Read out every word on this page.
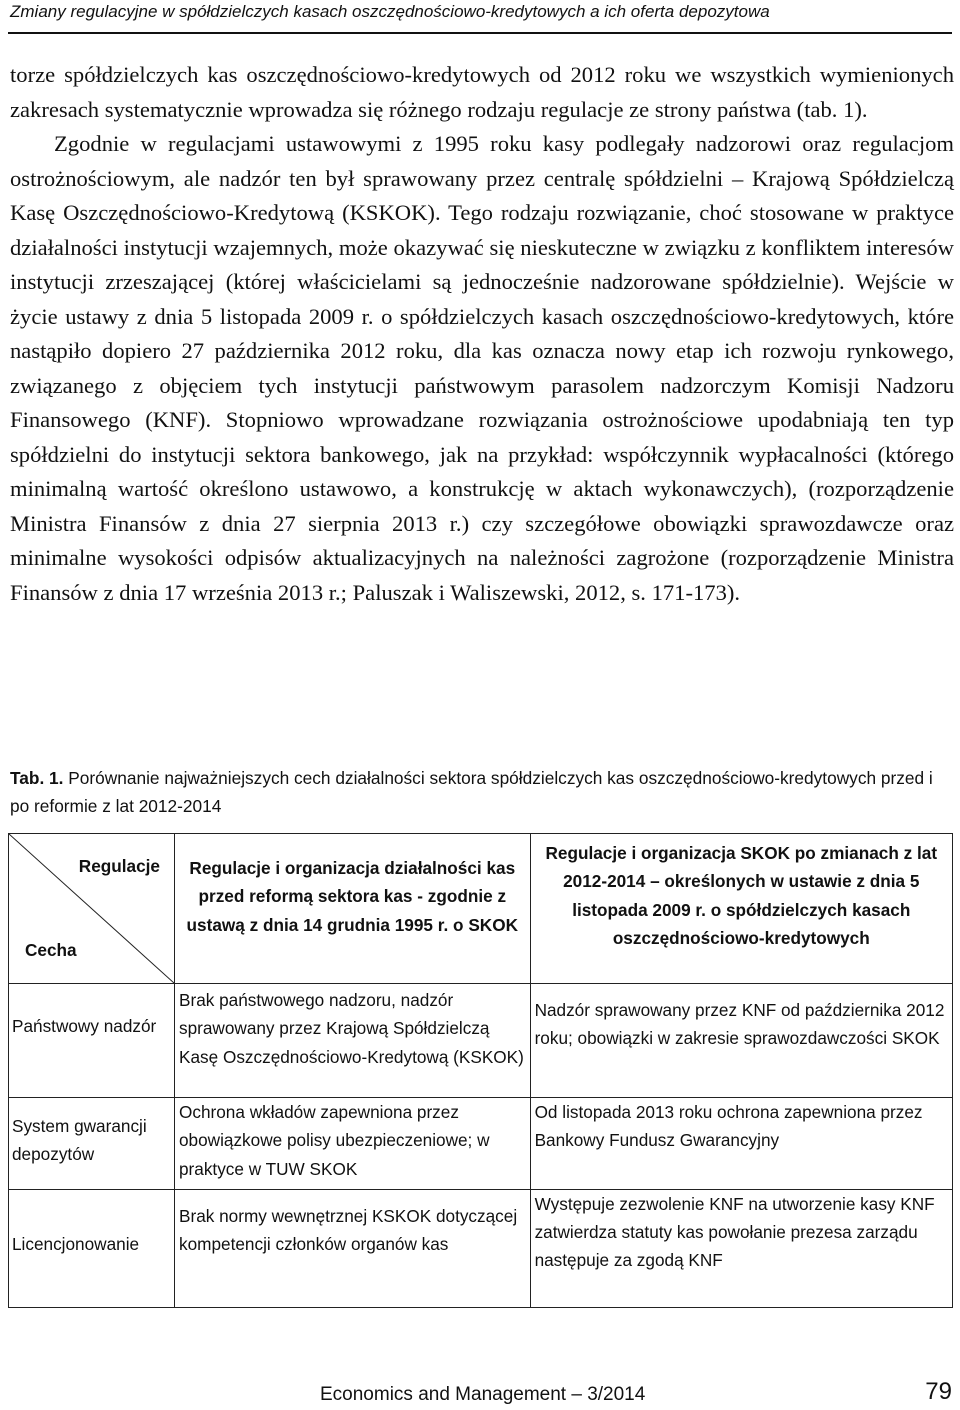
Zmiany regulacyjne w spółdzielczych kasach oszczędnościowo-kredytowych a ich oferta depozytowa

torze spółdzielczych kas oszczędnościowo-kredytowych od 2012 roku we wszystkich wymienionych zakresach systematycznie wprowadza się różnego rodzaju regulacje ze strony państwa (tab. 1).

Zgodnie w regulacjami ustawowymi z 1995 roku kasy podlegały nadzorowi oraz regulacjom ostrożnościowym, ale nadzór ten był sprawowany przez centralę spółdzielni – Krajową Spółdzielczą Kasę Oszczędnościowo-Kredytową (KSKOK). Tego rodzaju rozwiązanie, choć stosowane w praktyce działalności instytucji wzajemnych, może okazywać się nieskuteczne w związku z konfliktem interesów instytucji zrzeszającej (której właścicielami są jednocześnie nadzorowane spółdzielnie). Wejście w życie ustawy z dnia 5 listopada 2009 r. o spółdzielczych kasach oszczędnościowo-kredytowych, które nastąpiło dopiero 27 października 2012 roku, dla kas oznacza nowy etap ich rozwoju rynkowego, związanego z objęciem tych instytucji państwowym parasolem nadzorczym Komisji Nadzoru Finansowego (KNF). Stopniowo wprowadzane rozwiązania ostrożnościowe upodabniają ten typ spółdzielni do instytucji sektora bankowego, jak na przykład: współczynnik wypłacalności (którego minimalną wartość określono ustawowo, a konstrukcję w aktach wykonawczych), (rozporządzenie Ministra Finansów z dnia 27 sierpnia 2013 r.) czy szczegółowe obowiązki sprawozdawcze oraz minimalne wysokości odpisów aktualizacyjnych na należności zagrożone (rozporządzenie Ministra Finansów z dnia 17 września 2013 r.; Paluszak i Waliszewski, 2012, s. 171-173).

Tab. 1. Porównanie najważniejszych cech działalności sektora spółdzielczych kas oszczędnościowo-kredytowych przed i po reformie z lat 2012-2014
Regulacje
Cecha	Regulacje i organizacja działalności kas przed reformą sektora kas - zgodnie z ustawą z dnia 14 grudnia 1995 r. o SKOK	Regulacje i organizacja SKOK po zmianach z lat 2012-2014 – określonych w ustawie z dnia 5 listopada 2009 r. o spółdzielczych kasach oszczędnościowo-kredytowych
Państwowy nadzór	Brak państwowego nadzoru, nadzór sprawowany przez Krajową Spółdzielczą Kasę Oszczędnościowo-Kredytową (KSKOK)	Nadzór sprawowany przez KNF od października 2012 roku; obowiązki w zakresie sprawozdawczości SKOK
System gwarancji depozytów	Ochrona wkładów zapewniona przez obowiązkowe polisy ubezpieczeniowe; w praktyce w TUW SKOK	Od listopada 2013 roku ochrona zapewniona przez Bankowy Fundusz Gwarancyjny
Licencjonowanie	Brak normy wewnętrznej KSKOK dotyczącej kompetencji członków organów kas	Występuje zezwolenie KNF na utworzenie kasy KNF zatwierdza statuty kas powołanie prezesa zarządu następuje za zgodą KNF
Economics and Management – 3/2014	79
